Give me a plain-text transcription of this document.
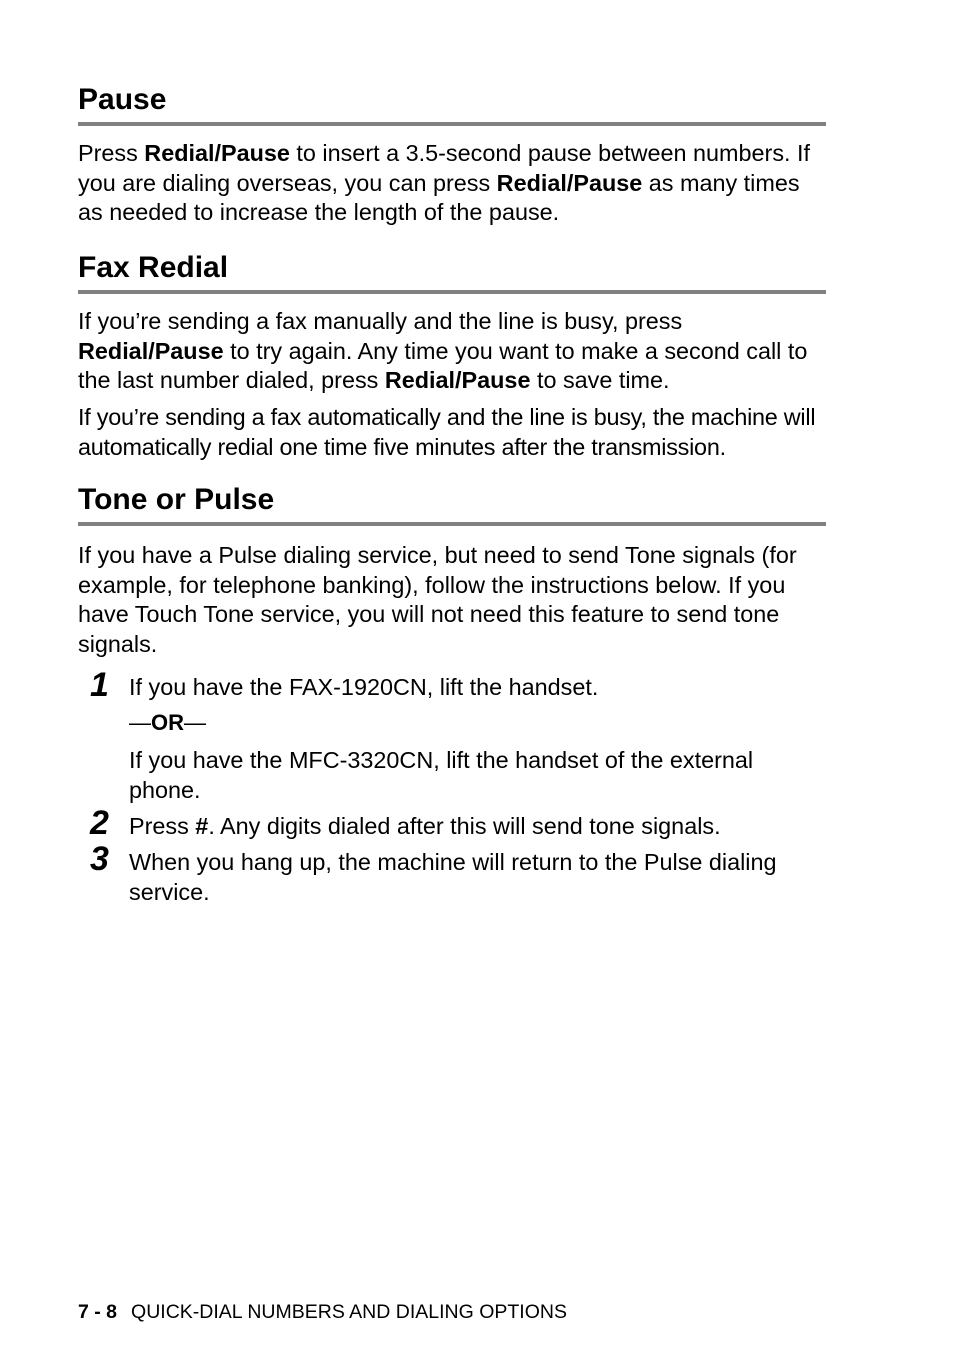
Pause

Press Redial/Pause to insert a 3.5-second pause between numbers. If you are dialing overseas, you can press Redial/Pause as many times as needed to increase the length of the pause.

Fax Redial

If you’re sending a fax manually and the line is busy, press Redial/Pause to try again. Any time you want to make a second call to the last number dialed, press Redial/Pause to save time.

If you’re sending a fax automatically and the line is busy, the machine will automatically redial one time five minutes after the transmission.

Tone or Pulse

If you have a Pulse dialing service, but need to send Tone signals (for example, for telephone banking), follow the instructions below. If you have Touch Tone service, you will not need this feature to send tone signals.

1 If you have the FAX-1920CN, lift the handset.

—OR—

If you have the MFC-3320CN, lift the handset of the external phone.

2 Press #. Any digits dialed after this will send tone signals.

3 When you hang up, the machine will return to the Pulse dialing service.

7 - 8 QUICK-DIAL NUMBERS AND DIALING OPTIONS
